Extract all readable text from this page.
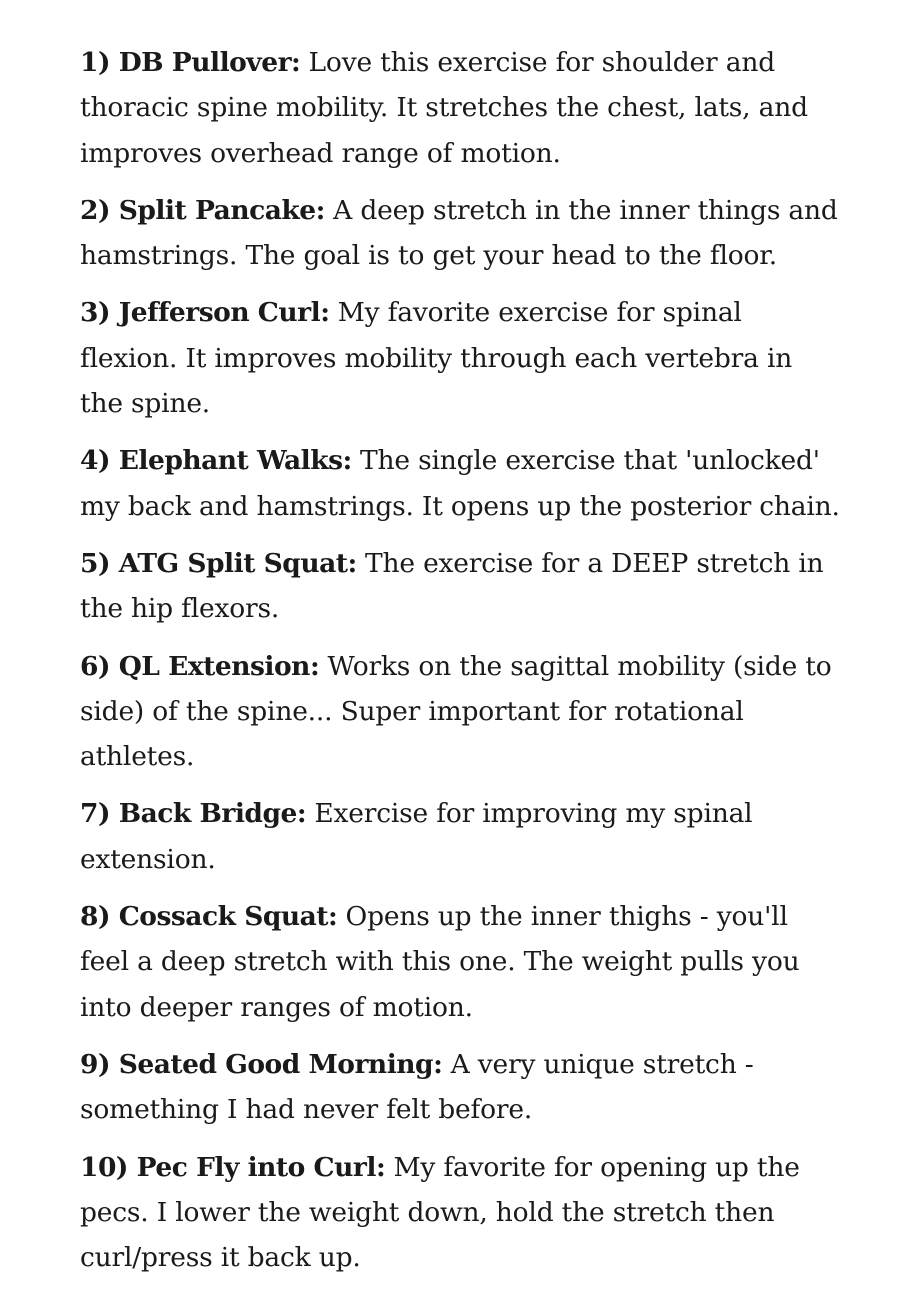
1) DB Pullover: Love this exercise for shoulder and thoracic spine mobility. It stretches the chest, lats, and improves overhead range of motion.

2) Split Pancake: A deep stretch in the inner things and hamstrings. The goal is to get your head to the floor.

3) Jefferson Curl: My favorite exercise for spinal flexion. It improves mobility through each vertebra in the spine.

4) Elephant Walks: The single exercise that 'unlocked' my back and hamstrings. It opens up the posterior chain.

5) ATG Split Squat: The exercise for a DEEP stretch in the hip flexors.

6) QL Extension: Works on the sagittal mobility (side to side) of the spine... Super important for rotational athletes.

7) Back Bridge: Exercise for improving my spinal extension.

8) Cossack Squat: Opens up the inner thighs - you'll feel a deep stretch with this one. The weight pulls you into deeper ranges of motion.

9) Seated Good Morning: A very unique stretch - something I had never felt before.

10) Pec Fly into Curl: My favorite for opening up the pecs. I lower the weight down, hold the stretch then curl/press it back up.
